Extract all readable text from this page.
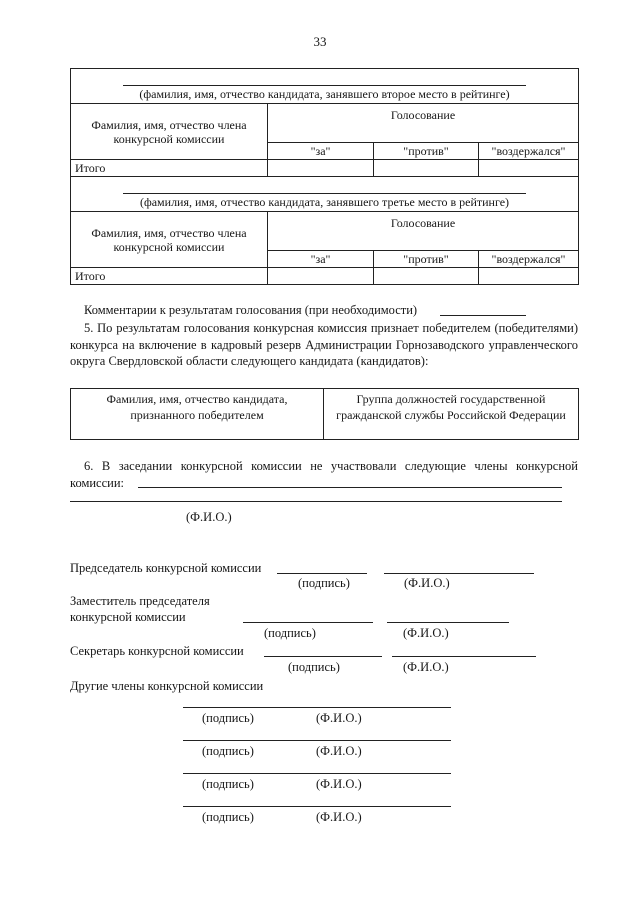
33
(фамилия, имя, отчество кандидата, занявшего второе место в рейтинге)			

Фамилия, имя, отчество члена конкурсной комиссии	Голосование		
	"за"	"против"	"воздержался"
Итого			
(фамилия, имя, отчество кандидата, занявшего третье место в рейтинге)			

Фамилия, имя, отчество члена конкурсной комиссии	Голосование		
	"за"	"против"	"воздержался"
Итого			
Комментарии к результатам голосования (при необходимости)

5. По результатам голосования конкурсная комиссия признает победителем (победителями) конкурса на включение в кадровый резерв Администрации Горнозаводского управленческого округа Свердловской области следующего кандидата (кандидатов):

Фамилия, имя, отчество кандидата, признанного победителем	Группа должностей государственной гражданской службы Российской Федерации

6. В заседании конкурсной комиссии не участвовали следующие члены конкурсной комиссии:

(Ф.И.О.)
Председатель конкурсной комиссии
(подпись)	(Ф.И.О.)
Заместитель председателя
конкурсной комиссии
(подпись)	(Ф.И.О.)
Секретарь конкурсной комиссии
(подпись)	(Ф.И.О.)
Другие члены конкурсной комиссии
(подпись)	(Ф.И.О.)
(подпись)	(Ф.И.О.)
(подпись)	(Ф.И.О.)
(подпись)	(Ф.И.О.)
